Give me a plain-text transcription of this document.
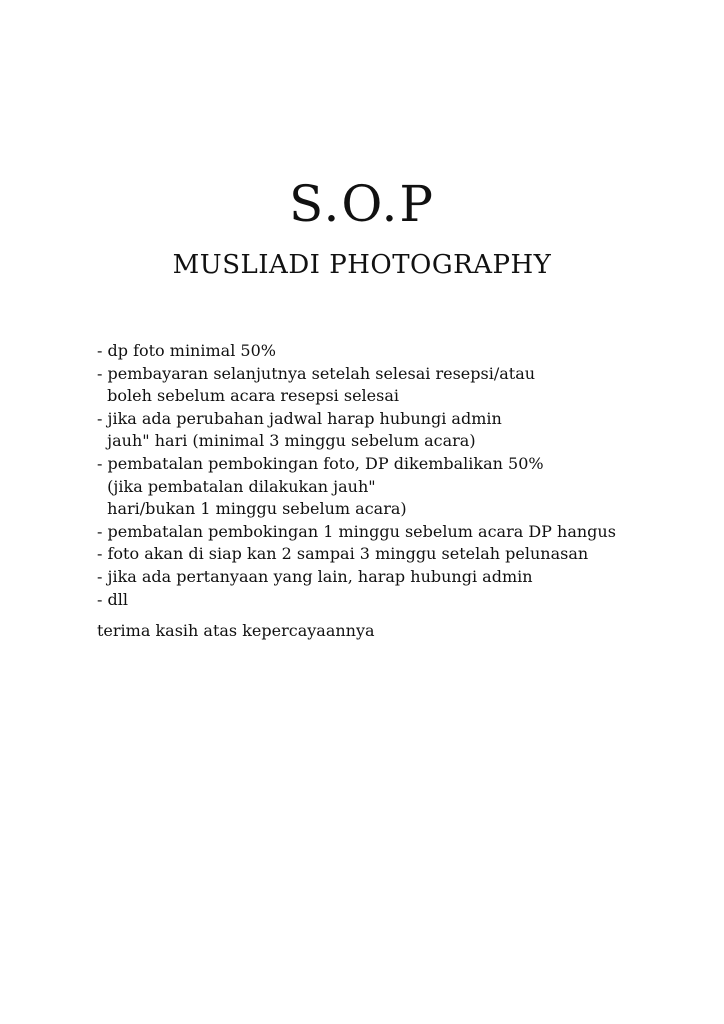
S.O.P
MUSLIADI PHOTOGRAPHY
- dp foto minimal 50%
- pembayaran selanjutnya setelah selesai resepsi/atau
boleh sebelum acara resepsi selesai
- jika ada perubahan jadwal harap hubungi admin
jauh" hari (minimal 3 minggu sebelum acara)
- pembatalan pembokingan foto, DP dikembalikan 50%
(jika pembatalan dilakukan jauh"
hari/bukan 1 minggu sebelum acara)
- pembatalan pembokingan 1 minggu sebelum acara DP hangus
- foto akan di siap kan 2 sampai 3 minggu setelah pelunasan
- jika ada pertanyaan yang lain, harap hubungi admin
- dll

terima kasih atas kepercayaannya
